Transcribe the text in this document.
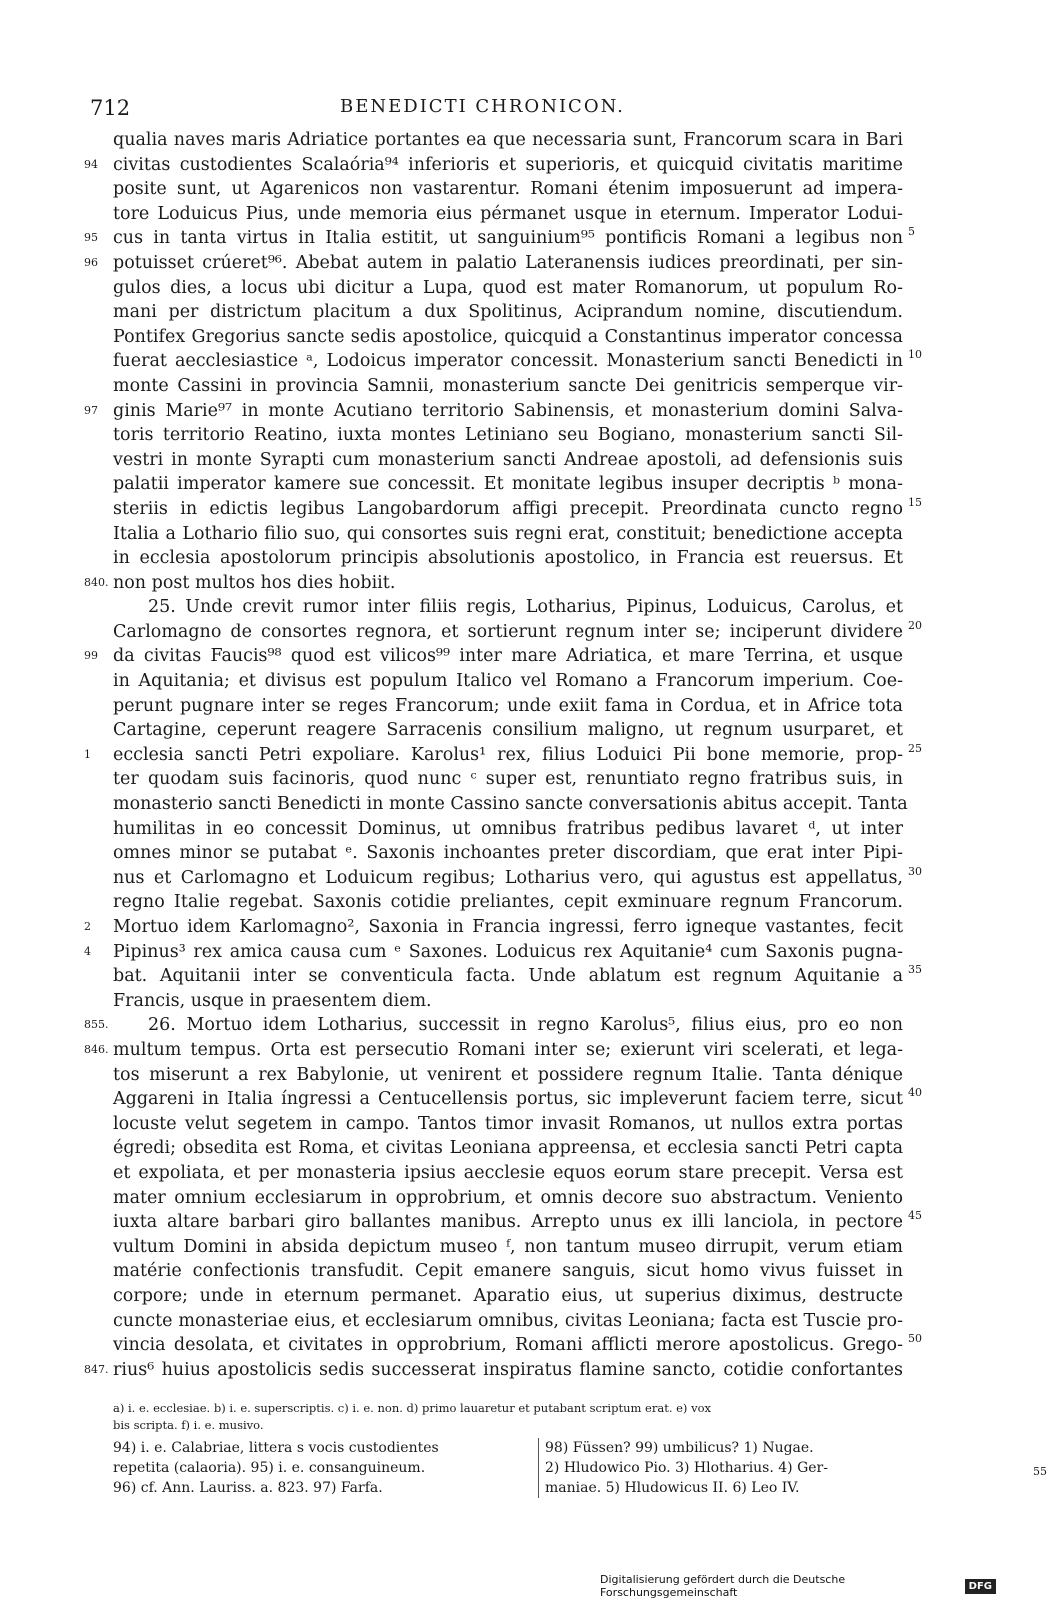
712	BENEDICTI CHRONICON.
qualia naves maris Adriatice portantes ea que necessaria sunt, Francorum scara in Bari
94 civitas custodientes Scalaória⁹⁴ inferioris et superioris, et quicquid civitatis maritime
posite sunt, ut Agarenicos non vastarentur. Romani étenim imposuerunt ad impera-
tore Loduicus Pius, unde memoria eius pérmanet usque in eternum. Imperator Lodui-
95 cus in tanta virtus in Italia estitit, ut sanguinium⁹⁵ pontificis Romani a legibus non 5
96 potuisset crúeret⁹⁶. Abebat autem in palatio Lateranensis iudices preordinati, per sin-
gulos dies, a locus ubi dicitur a Lupa, quod est mater Romanorum, ut populum Ro-
mani per districtum placitum a dux Spolitinus, Aciprandum nomine, discutiendum.
Pontifex Gregorius sancte sedis apostolice, quicquid a Constantinus imperator concessa
fuerat aecclesiastice ᵃ, Lodoicus imperator concessit. Monasterium sancti Benedicti in 10
monte Cassini in provincia Samnii, monasterium sancte Dei genitricis semperque vir-
97 ginis Marie⁹⁷ in monte Acutiano territorio Sabinensis, et monasterium domini Salva-
toris territorio Reatino, iuxta montes Letiniano seu Bogiano, monasterium sancti Sil-
vestri in monte Syrapti cum monasterium sancti Andreae apostoli, ad defensionis suis
palatii imperator kamere sue concessit. Et monitate legibus insuper decriptis ᵇ mona-
steriis in edictis legibus Langobardorum affigi precepit. Preordinata cuncto regno 15
Italia a Lothario filio suo, qui consortes suis regni erat, constituit; benedictione accepta
in ecclesia apostolorum principis absolutionis apostolico, in Francia est reuersus. Et
840. non post multos hos dies hobiit.
25. Unde crevit rumor inter filiis regis, Lotharius, Pipinus, Loduicus, Carolus, et
Carlomagno de consortes regnora, et sortierunt regnum inter se; inciperunt dividere 20
99 da civitas Faucis⁹⁸ quod est vilicos⁹⁹ inter mare Adriatica, et mare Terrina, et usque
in Aquitania; et divisus est populum Italico vel Romano a Francorum imperium. Coe-
perunt pugnare inter se reges Francorum; unde exiit fama in Cordua, et in Africe tota
Cartagine, ceperunt reagere Sarracenis consilium maligno, ut regnum usurparet, et
1 ecclesia sancti Petri expoliare. Karolus¹ rex, filius Loduici Pii bone memorie, prop- 25
ter quodam suis facinoris, quod nunc ᶜ super est, renuntiato regno fratribus suis, in
monasterio sancti Benedicti in monte Cassino sancte conversationis abitus accepit. Tanta
humilitas in eo concessit Dominus, ut omnibus fratribus pedibus lavaret ᵈ, ut inter
omnes minor se putabat ᵉ. Saxonis inchoantes preter discordiam, que erat inter Pipi-
nus et Carlomagno et Loduicum regibus; Lotharius vero, qui agustus est appellatus, 30
regno Italie regebat. Saxonis cotidie preliantes, cepit exminuare regnum Francorum.
2 Mortuo idem Karlomagno², Saxonia in Francia ingressi, ferro igneque vastantes, fecit
4 Pipinus³ rex amica causa cum ᵉ Saxones. Loduicus rex Aquitanie⁴ cum Saxonis pugna-
bat. Aquitanii inter se conventicula facta. Unde ablatum est regnum Aquitanie a 35
Francis, usque in praesentem diem.
855. 26. Mortuo idem Lotharius, successit in regno Karolus⁵, filius eius, pro eo non
846. multum tempus. Orta est persecutio Romani inter se; exierunt viri scelerati, et lega-
tos miserunt a rex Babylonie, ut venirent et possidere regnum Italie. Tanta dénique
Aggareni in Italia íngressi a Centucellensis portus, sic impleverunt faciem terre, sicut 40
locuste velut segetem in campo. Tantos timor invasit Romanos, ut nullos extra portas
égredi; obsedita est Roma, et civitas Leoniana appreensa, et ecclesia sancti Petri capta
et expoliata, et per monasteria ipsius aecclesie equos eorum stare precepit. Versa est
mater omnium ecclesiarum in opprobrium, et omnis decore suo abstractum. Veniento
iuxta altare barbari giro ballantes manibus. Arrepto unus ex illi lanciola, in pectore 45
vultum Domini in absida depictum museo ᶠ, non tantum museo dirrupit, verum etiam
matérie confectionis transfudit. Cepit emanere sanguis, sicut homo vivus fuisset in
corpore; unde in eternum permanet. Aparatio eius, ut superius diximus, destructe
cuncte monasteriae eius, et ecclesiarum omnibus, civitas Leoniana; facta est Tuscie pro-
vincia desolata, et civitates in opprobrium, Romani afflicti merore apostolicus. Grego- 50
847. rius⁶ huius apostolicis sedis successerat inspiratus flamine sancto, cotidie confortantes
a) i. e. ecclesiae. b) i. e. superscriptis. c) i. e. non. d) primo lauaretur et putabant scriptum erat. e) vox
bis scripta. f) i. e. musivo.
94) i. e. Calabriae, littera s vocis custodientes
repetita (calaoria). 95) i. e. consanguineum.
96) cf. Ann. Lauriss. a. 823. 97) Farfa.
98) Füssen? 99) umbilicus? 1) Nugae.
2) Hludowico Pio. 3) Hlotharius. 4) Ger-
maniae. 5) Hludowicus II. 6) Leo IV.
55
Digitalisierung gefördert durch die Deutsche Forschungsgemeinschaft	DFG
